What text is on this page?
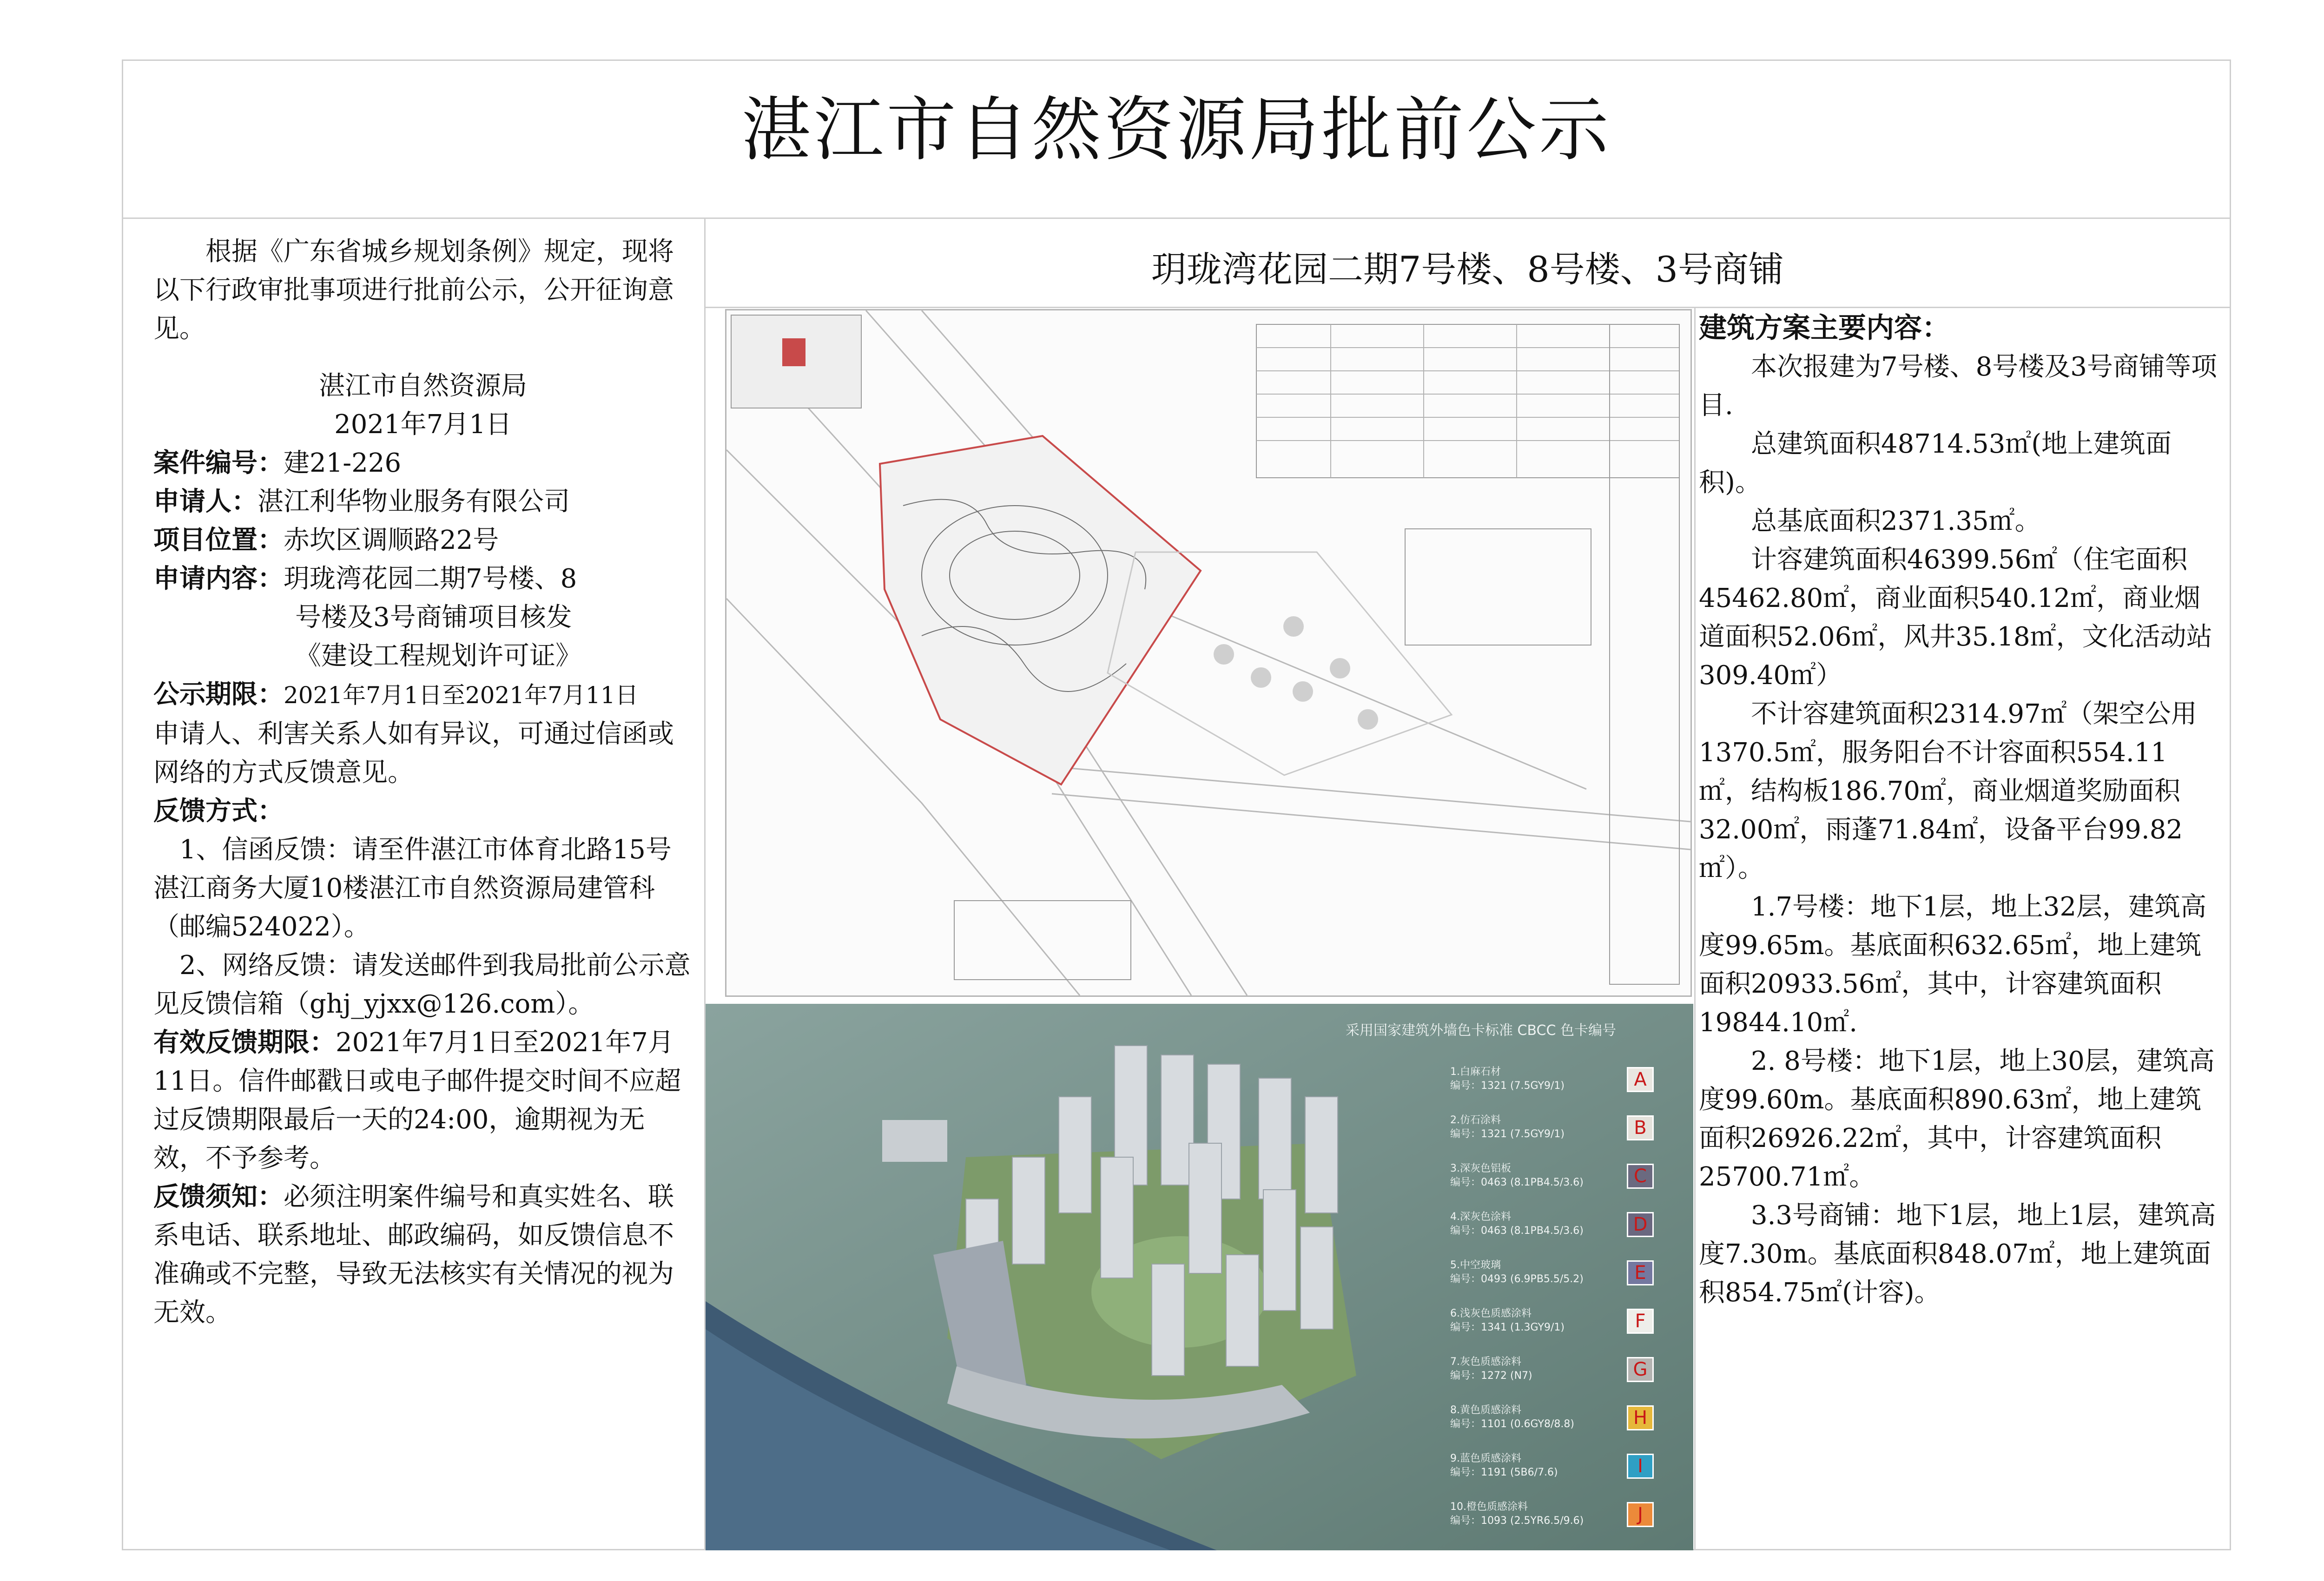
湛江市自然资源局批前公示

根据《广东省城乡规划条例》规定，现将以下行政审批事项进行批前公示，公开征询意见。

湛江市自然资源局

2021年7月1日

案件编号：建21-226

申请人：湛江利华物业服务有限公司

项目位置：赤坎区调顺路22号

申请内容：玥珑湾花园二期7号楼、8

号楼及3号商铺项目核发

《建设工程规划许可证》

公示期限：2021年7月1日至2021年7月11日

申请人、利害关系人如有异议，可通过信函或网络的方式反馈意见。

反馈方式：

1、信函反馈：请至件湛江市体育北路15号湛江商务大厦10楼湛江市自然资源局建管科（邮编524022）。

2、网络反馈：请发送邮件到我局批前公示意见反馈信箱（ghj_yjxx@126.com）。

有效反馈期限：2021年7月1日至2021年7月11日。信件邮戳日或电子邮件提交时间不应超过反馈期限最后一天的24:00，逾期视为无效，不予参考。

反馈须知：必须注明案件编号和真实姓名、联系电话、联系地址、邮政编码，如反馈信息不准确或不完整，导致无法核实有关情况的视为无效。

玥珑湾花园二期7号楼、8号楼、3号商铺
采用国家建筑外墙色卡标准 CBCC 色卡编号
1.白麻石材
编号：1321 (7.5GY9/1)	A
2.仿石涂料
编号：1321 (7.5GY9/1)	B
3.深灰色铝板
编号：0463 (8.1PB4.5/3.6)	C
4.深灰色涂料
编号：0463 (8.1PB4.5/3.6)	D
5.中空玻璃
编号：0493 (6.9PB5.5/5.2)	E
6.浅灰色质感涂料
编号：1341 (1.3GY9/1)	F
7.灰色质感涂料
编号：1272 (N7)	G
8.黄色质感涂料
编号：1101 (0.6GY8/8.8)	H
9.蓝色质感涂料
编号：1191 (5B6/7.6)	I
10.橙色质感涂料
编号：1093 (2.5YR6.5/9.6)	J

建筑方案主要内容：

本次报建为7号楼、8号楼及3号商铺等项目.

总建筑面积48714.53㎡(地上建筑面积)。

总基底面积2371.35㎡。

计容建筑面积46399.56㎡（住宅面积45462.80㎡，商业面积540.12㎡，商业烟道面积52.06㎡，风井35.18㎡，文化活动站309.40㎡）

不计容建筑面积2314.97㎡（架空公用1370.5㎡，服务阳台不计容面积554.11㎡，结构板186.70㎡，商业烟道奖励面积32.00㎡，雨蓬71.84㎡，设备平台99.82㎡）。

1.7号楼：地下1层，地上32层，建筑高度99.65m。基底面积632.65㎡，地上建筑面积20933.56㎡，其中，计容建筑面积19844.10㎡.

2. 8号楼：地下1层，地上30层，建筑高度99.60m。基底面积890.63㎡，地上建筑面积26926.22㎡，其中，计容建筑面积25700.71㎡。

3.3号商铺：地下1层，地上1层，建筑高度7.30m。基底面积848.07㎡，地上建筑面积854.75㎡(计容)。
